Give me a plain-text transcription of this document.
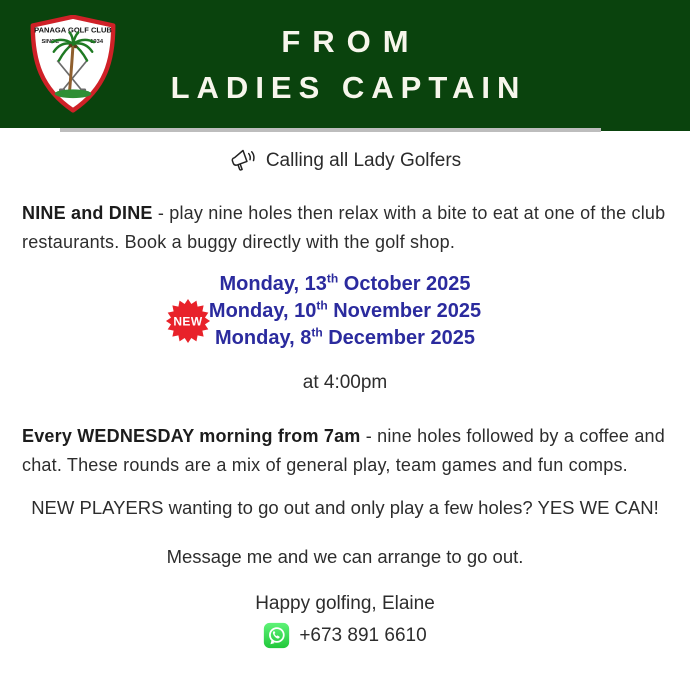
FROM
LADIES CAPTAIN
PANAGA GOLF CLUB
SINCE	1934
Calling all Lady Golfers

NINE and DINE - play nine holes then relax with a bite to eat at one of the club restaurants. Book a buggy directly with the golf shop.

Monday, 13th October 2025
Monday, 10th November 2025
Monday, 8th December 2025
NEW
at 4:00pm

Every WEDNESDAY morning from 7am - nine holes followed by a coffee and chat. These rounds are a mix of general play, team games and fun comps.

NEW PLAYERS wanting to go out and only play a few holes? YES WE CAN!
Message me and we can arrange to go out.
Happy golfing, Elaine
+673 891 6610
